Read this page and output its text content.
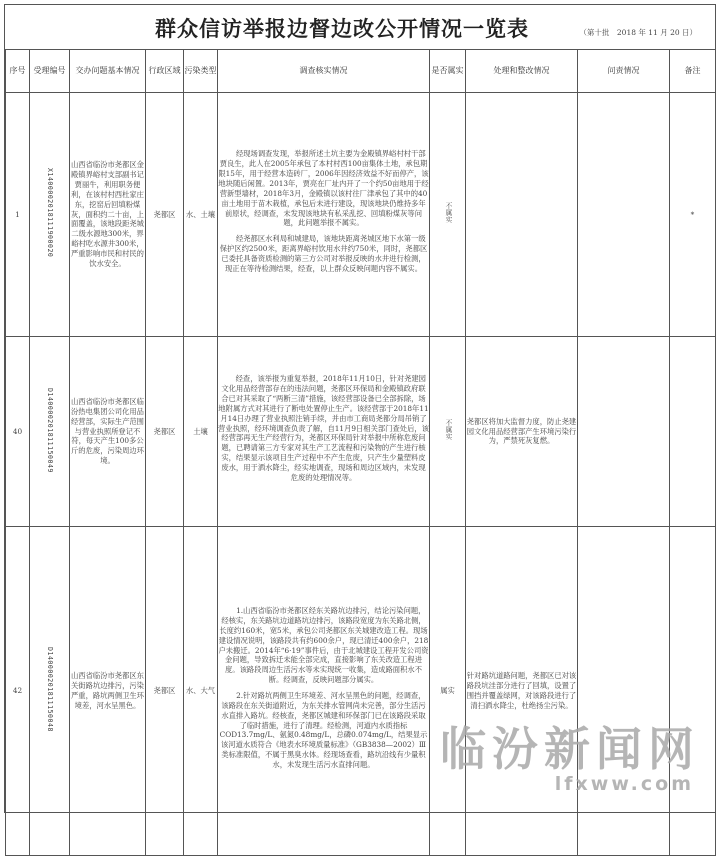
群众信访举报边督边改公开情况一览表	（第十批　2018 年 11 月 20 日）
序号	受理编号	交办问题基本情况	行政区域	污染类型	调查核实情况	是否属实	处理和整改情况	问责情况	备注
1	X1400002018111900020	山西省临汾市尧都区金殿镇界峪村支部副书记贾丽牛，利用职务便利，在该村村西杜家庄东，挖窑后回填粉煤灰，面积约二十亩，上面覆盖，该地段距尧城二级水源地300米，界峪村吃水源井300米，严重影响市民和村民的饮水安全。	尧都区	水、土壤	经现场调查发现，举报所述土坑主要为金殿镇界峪村村干部贾良生，此人在2005年承包了本村村西100亩集体土地，承包期限15年，用于经营本造砖厂，2006年因经济效益不好而停产，该地块随后闲置。2013年，贾亮在厂址内开了一个约50亩地用于经营新型墙材，2018年3月，金殿镇以该村往厂津承包了其中的40亩土地用于苗木栽植，承包后未进行建设，现该地块仍维持多年前原状，经调查，未发现该地块有私采乱挖、回填粉煤灰等问题，此问题举报不属实。

经尧都区水利局和城建局，该地块距离尧城区地下水第一级保护区约2500米，距离界峪村饮用水井约750米，同时，尧都区已委托具备资质检测的第三方公司对举报反映的水井进行检测，现正在等待检测结果，经查，以上群众反映问题内容不属实。	不属实			*
40	D140000201811150049	山西省临汾市尧都区临汾热电集团公司化用品经营部，实际生产范围与营业执照所登记不符，每天产生100多公斤的危废，污染周边环境。	尧都区	土壤	经查，该举报为重复举报，2018年11月10日，针对尧建园文化用品经营部存在的违法问题，尧都区环保局和金殿镇政府联合已对其采取了“两断三清”措施，该经营部设备已全部拆除，场地附属方式对其进行了断电处置停止生产。该经营部于2018年11月14日办理了营业执照注销手续，并由市工商局尧都分局吊销了营业执照，经环境调查负责了解，自11月9日相关部门查处后，该经营部再无生产经营行为，尧都区环保局针对举报中所称危废问题，已聘请第三方专家对其生产工艺流程和污染物的产生进行核实，结果显示该项目生产过程中不产生危废，只产生少量塑料皮废水，用于洒水降尘，经实地调查，现场和周边区域内，未发现危废的处理情况等。	不属实	尧都区将加大监督力度，防止尧建园文化用品经营部产生环境污染行为，严禁死灰复燃。		
42	D140000201811150048	山西省临汾市尧都区东关街路坑边排污，污染严重，路坑两侧卫生环境差，河水呈黑色。	尧都区	水、大气	1.山西省临汾市尧都区经东关路坑边排污，结论污染问题，经核实，东关路坑边道路坑边排污，该路段宽度为东关路北侧，长度约160米，宽5米，承包公司尧都区东关城建改造工程。现场建设情况说明，该路段共有约600余户，现已清迁400余户，218户未搬迁。2014年“6·19”事件后，由于北城建设工程开发公司资金问题，导致拆迁未能全部完成，直接影响了东关改造工程进度。该路段周边生活污水等未实现统一收集，造成路面积水不断。经调查，反映问题部分属实。

2.针对路坑两侧卫生环境差、河水呈黑色的问题，经调查，该路段在东关街道附近，为东关排水管网尚未完善，部分生活污水直排入路坑。经核查，尧都区城建和环保部门已在该路段采取了临时措施，进行了清理。经检测，河道内水质指标COD13.7mg/L、氨氮0.48mg/L，总磷0.074mg/L，结果显示该河道水质符合《地表水环境质量标准》（GB3838—2002）Ⅲ类标准限值，不属于黑臭水体。经现场查看，路坑沿线有少量积水，未发现生活污水直排问题。	属实	针对路坑道路问题，尧都区已对该路段坑洼部分进行了回填，设置了围挡并覆盖绿网，对该路段进行了清扫洒水降尘，杜绝扬尘污染。		
临汾新闻网
lfxww.com
